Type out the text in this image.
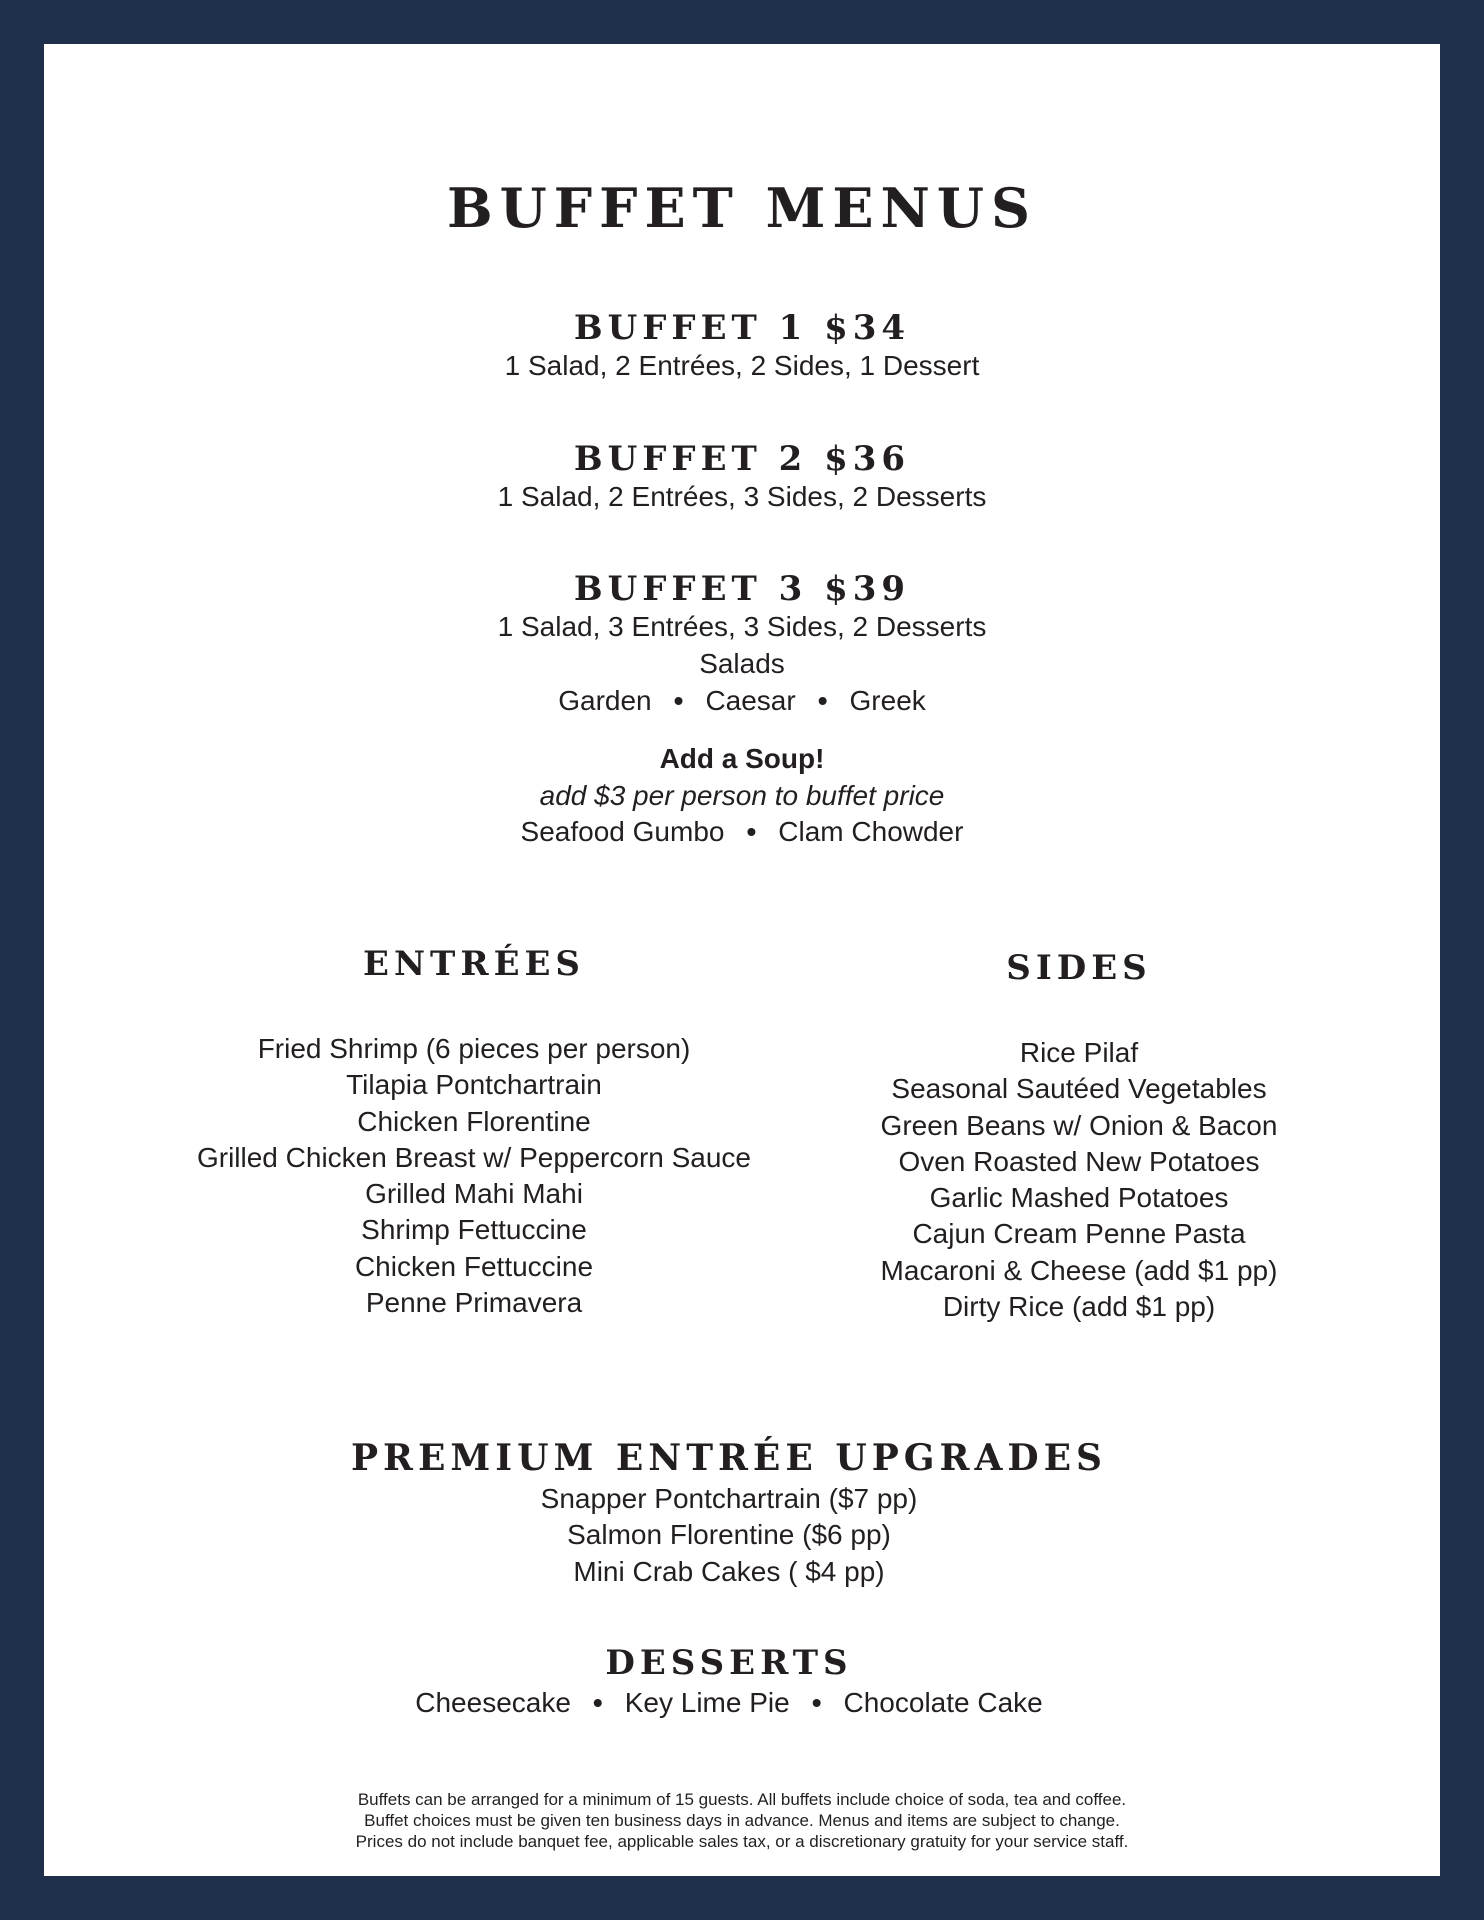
BUFFET MENUS
BUFFET 1 $34
1 Salad, 2 Entrées, 2 Sides, 1 Dessert
BUFFET 2 $36
1 Salad, 2 Entrées, 3 Sides, 2 Desserts
BUFFET 3 $39
1 Salad, 3 Entrées, 3 Sides, 2 Desserts
Salads
Garden • Caesar • Greek
Add a Soup!
add $3 per person to buffet price
Seafood Gumbo • Clam Chowder
ENTRÉES
Fried Shrimp (6 pieces per person)
Tilapia Pontchartrain
Chicken Florentine
Grilled Chicken Breast w/ Peppercorn Sauce
Grilled Mahi Mahi
Shrimp Fettuccine
Chicken Fettuccine
Penne Primavera
SIDES
Rice Pilaf
Seasonal Sautéed Vegetables
Green Beans w/ Onion & Bacon
Oven Roasted New Potatoes
Garlic Mashed Potatoes
Cajun Cream Penne Pasta
Macaroni & Cheese (add $1 pp)
Dirty Rice (add $1 pp)
PREMIUM ENTRÉE UPGRADES
Snapper Pontchartrain ($7 pp)
Salmon Florentine ($6 pp)
Mini Crab Cakes ( $4 pp)
DESSERTS
Cheesecake • Key Lime Pie • Chocolate Cake
Buffets can be arranged for a minimum of 15 guests. All buffets include choice of soda, tea and coffee.
Buffet choices must be given ten business days in advance. Menus and items are subject to change.
Prices do not include banquet fee, applicable sales tax, or a discretionary gratuity for your service staff.
